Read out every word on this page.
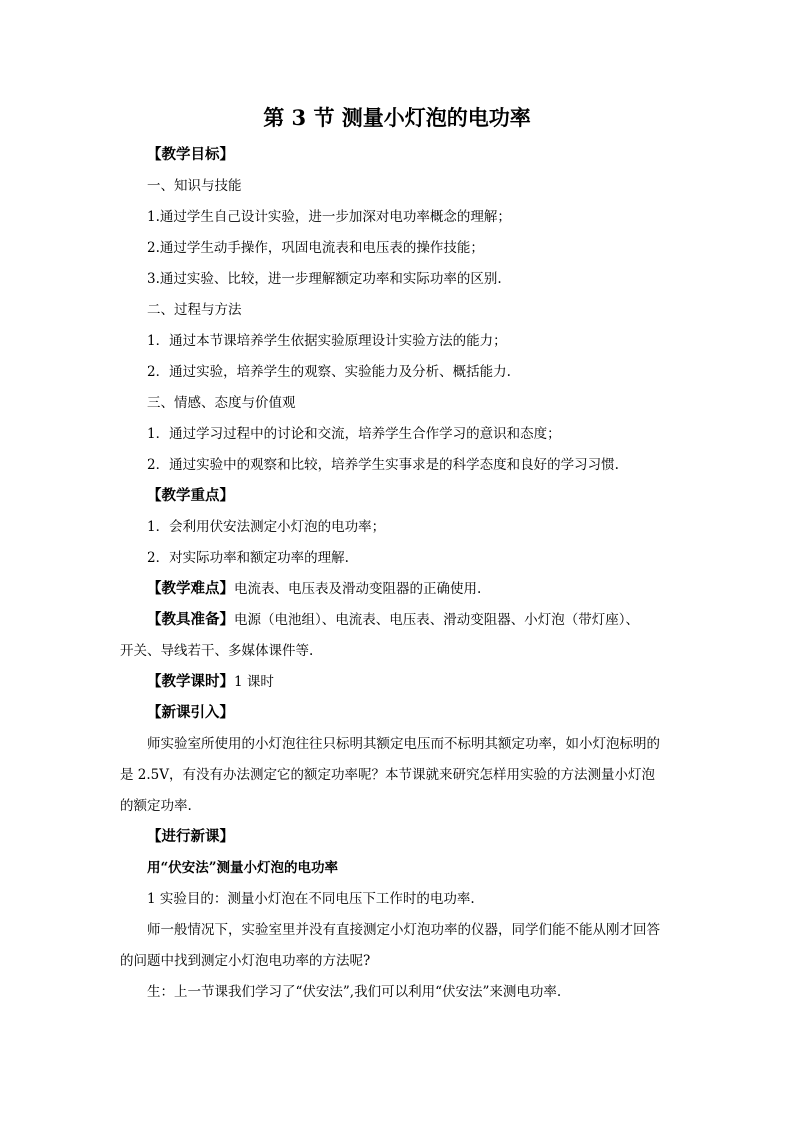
第 3 节 测量小灯泡的电功率
【教学目标】
一、知识与技能
1.通过学生自己设计实验，进一步加深对电功率概念的理解；
2.通过学生动手操作，巩固电流表和电压表的操作技能；
3.通过实验、比较，进一步理解额定功率和实际功率的区别.
二、过程与方法
1．通过本节课培养学生依据实验原理设计实验方法的能力；
2．通过实验，培养学生的观察、实验能力及分析、概括能力.
三、情感、态度与价值观
1．通过学习过程中的讨论和交流，培养学生合作学习的意识和态度；
2．通过实验中的观察和比较，培养学生实事求是的科学态度和良好的学习习惯.
【教学重点】
1．会利用伏安法测定小灯泡的电功率；
2．对实际功率和额定功率的理解.
【教学难点】电流表、电压表及滑动变阻器的正确使用.
【教具准备】电源（电池组）、电流表、电压表、滑动变阻器、小灯泡（带灯座）、
开关、导线若干、多媒体课件等.
【教学课时】1 课时
【新课引入】
师实验室所使用的小灯泡往往只标明其额定电压而不标明其额定功率，如小灯泡标明的
是 2.5V，有没有办法测定它的额定功率呢？本节课就来研究怎样用实验的方法测量小灯泡
的额定功率.
【进行新课】
用“伏安法”测量小灯泡的电功率
1 实验目的：测量小灯泡在不同电压下工作时的电功率.
师一般情况下，实验室里并没有直接测定小灯泡功率的仪器，同学们能不能从刚才回答
的问题中找到测定小灯泡电功率的方法呢?
生：上一节课我们学习了“伏安法”,我们可以利用“伏安法”来测电功率.
